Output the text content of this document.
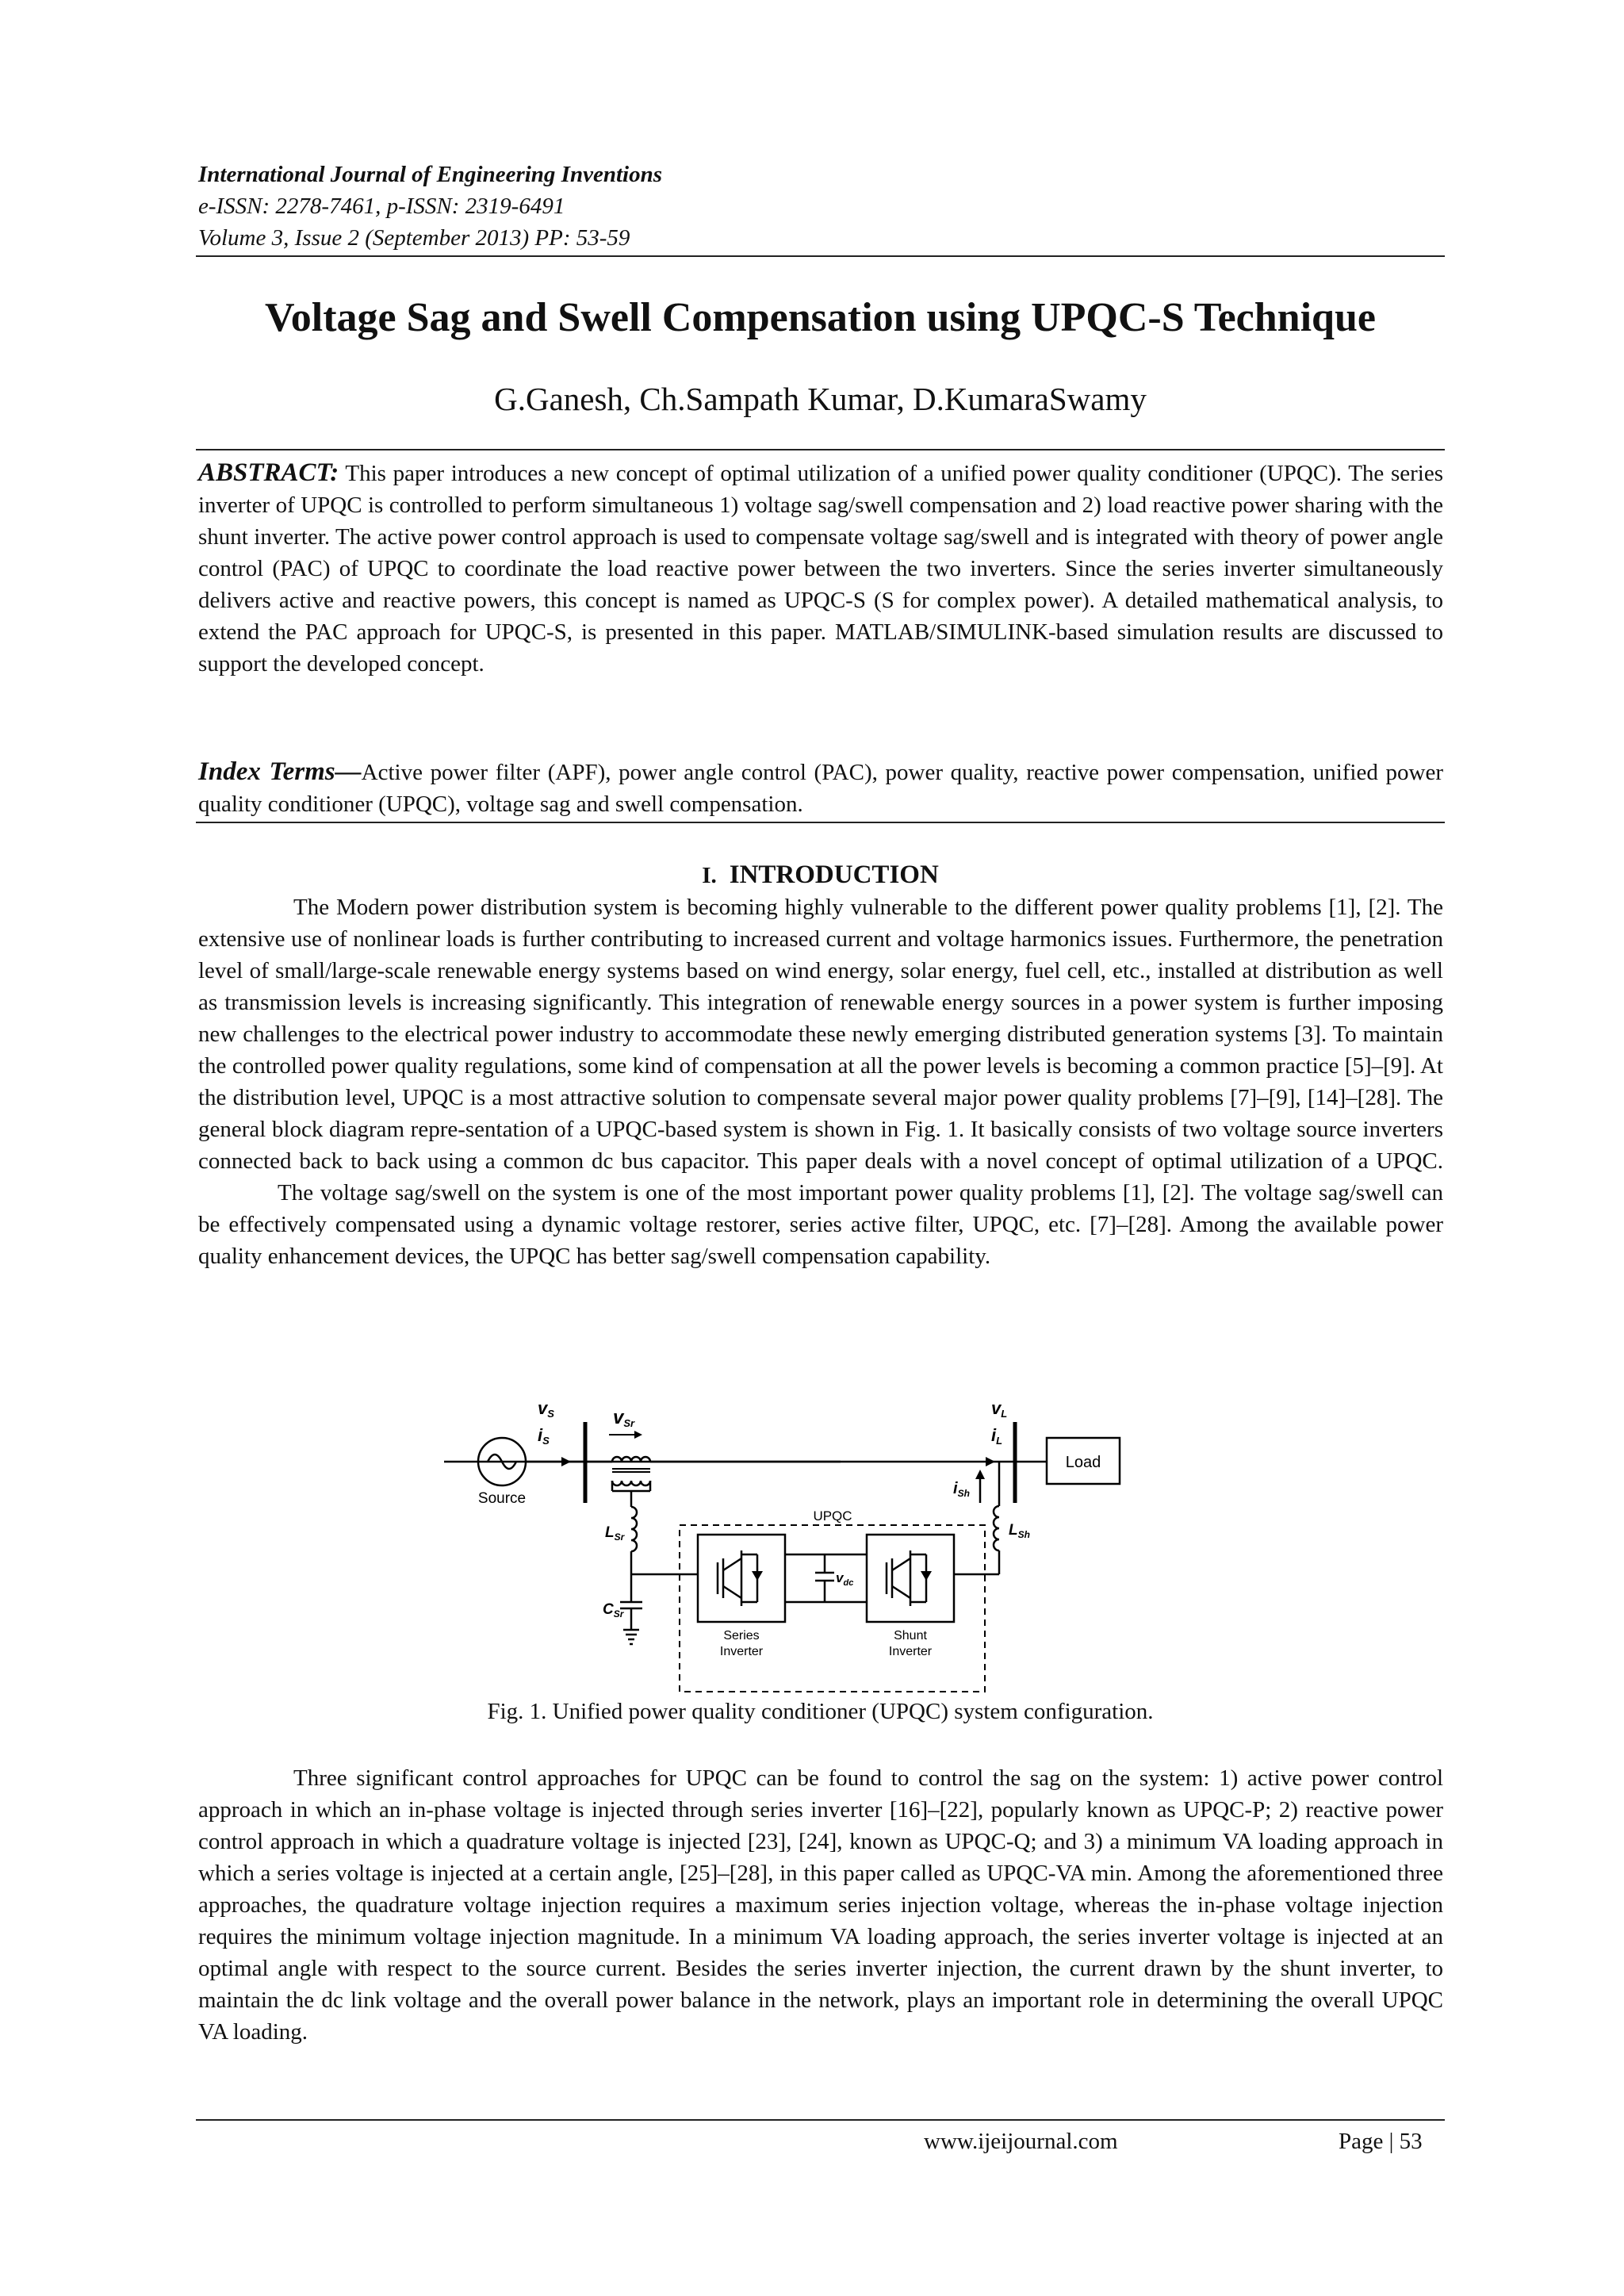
International Journal of Engineering Inventions
e-ISSN: 2278-7461, p-ISSN: 2319-6491
Volume 3, Issue 2 (September 2013) PP: 53-59
Voltage Sag and Swell Compensation using UPQC-S Technique
G.Ganesh, Ch.Sampath Kumar, D.KumaraSwamy
ABSTRACT: This paper introduces a new concept of optimal utilization of a unified power quality conditioner (UPQC). The series inverter of UPQC is controlled to perform simultaneous 1) voltage sag/swell compensation and 2) load reactive power sharing with the shunt inverter. The active power control approach is used to compensate voltage sag/swell and is integrated with theory of power angle control (PAC) of UPQC to coordinate the load reactive power between the two inverters. Since the series inverter simultaneously delivers active and reactive powers, this concept is named as UPQC-S (S for complex power). A detailed mathematical analysis, to extend the PAC approach for UPQC-S, is presented in this paper. MATLAB/SIMULINK-based simulation results are discussed to support the developed concept.
Index Terms—Active power filter (APF), power angle control (PAC), power quality, reactive power compensation, unified power quality conditioner (UPQC), voltage sag and swell compensation.
I. INTRODUCTION
The Modern power distribution system is becoming highly vulnerable to the different power quality problems [1], [2]. The extensive use of nonlinear loads is further contributing to increased current and voltage harmonics issues. Furthermore, the penetration level of small/large-scale renewable energy systems based on wind energy, solar energy, fuel cell, etc., installed at distribution as well as transmission levels is increasing significantly. This integration of renewable energy sources in a power system is further imposing new challenges to the electrical power industry to accommodate these newly emerging distributed generation systems [3]. To maintain the controlled power quality regulations, some kind of compensation at all the power levels is becoming a common practice [5]–[9]. At the distribution level, UPQC is a most attractive solution to compensate several major power quality problems [7]–[9], [14]–[28]. The general block diagram repre-sentation of a UPQC-based system is shown in Fig. 1. It basically consists of two voltage source inverters connected back to back using a common dc bus capacitor. This paper deals with a novel concept of optimal utilization of a UPQC.The voltage sag/swell on the system is one of the most important power quality problems [1], [2]. The voltage sag/swell can be effectively compensated using a dynamic voltage restorer, series active filter, UPQC, etc. [7]–[28]. Among the available power quality enhancement devices, the UPQC has better sag/swell compensation capability.
Source
Load
UPQC
Series
Inverter
Shunt
Inverter
vS
iS
vSr
vL
iL
$i_{Sh}$
$L_{Sr}$	$L_{Sh}$
$C_{Sr}$
$v_{dc}$
Fig. 1. Unified power quality conditioner (UPQC) system configuration.
Three significant control approaches for UPQC can be found to control the sag on the system: 1) active power control approach in which an in-phase voltage is injected through series inverter [16]–[22], popularly known as UPQC-P; 2) reactive power control approach in which a quadrature voltage is injected [23], [24], known as UPQC-Q; and 3) a minimum VA loading approach in which a series voltage is injected at a certain angle, [25]–[28], in this paper called as UPQC-VA min. Among the aforementioned three approaches, the quadrature voltage injection requires a maximum series injection voltage, whereas the in-phase voltage injection requires the minimum voltage injection magnitude. In a minimum VA loading approach, the series inverter voltage is injected at an optimal angle with respect to the source current. Besides the series inverter injection, the current drawn by the shunt inverter, to maintain the dc link voltage and the overall power balance in the network, plays an important role in determining the overall UPQC VA loading.
www.ijeijournal.com	Page | 53
